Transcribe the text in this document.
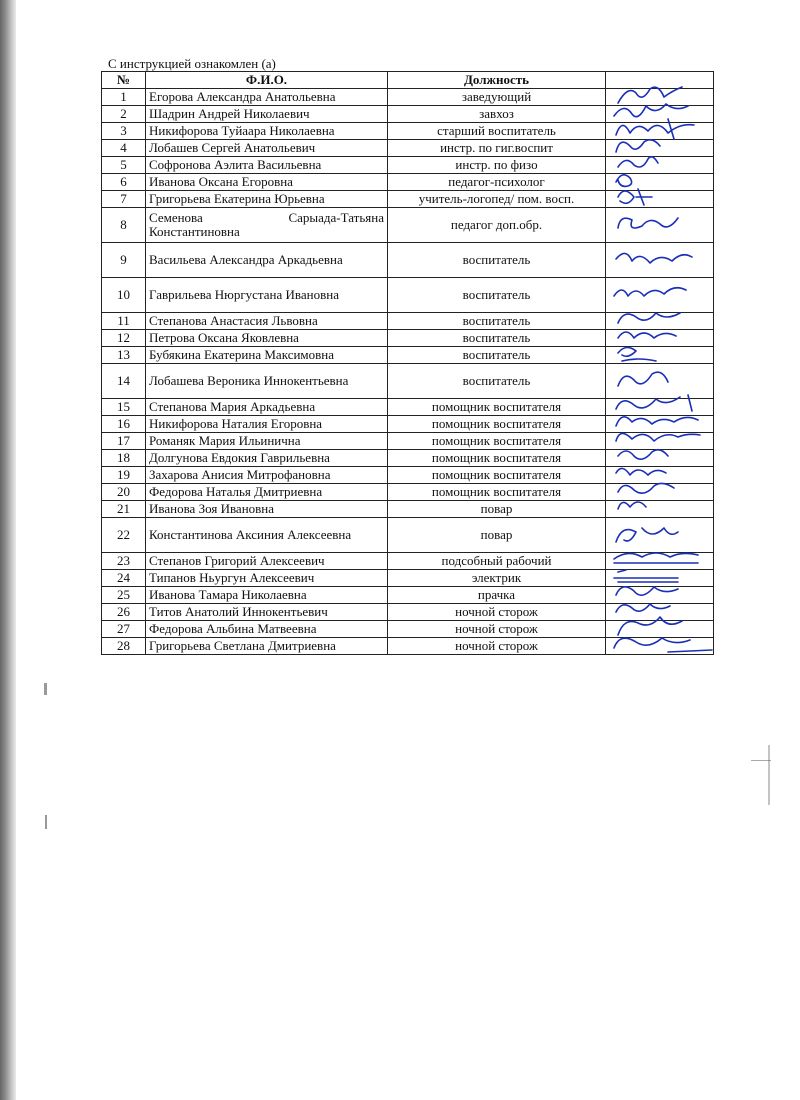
С инструкцией ознакомлен (а)
№	Ф.И.О.	Должность	
1	Егорова Александра Анатольевна	заведующий	

2	Шадрин Андрей Николаевич	завхоз	

3	Никифорова Туйаара Николаевна	старший воспитатель	

4	Лобашев Сергей Анатольевич	инстр. по гиг.воспит	

5	Софронова Аэлита Васильевна	инстр. по физо	

6	Иванова Оксана Егоровна	педагог-психолог	

7	Григорьева Екатерина Юрьевна	учитель-логопед/ пом. восп.	

8	Семенова Сарыада-Татьяна Константиновна	педагог доп.обр.	

9	Васильева Александра Аркадьевна	воспитатель	

10	Гаврильева Нюргустана Ивановна	воспитатель	

11	Степанова Анастасия Львовна	воспитатель	

12	Петрова Оксана Яковлевна	воспитатель	

13	Бубякина Екатерина Максимовна	воспитатель	

14	Лобашева Вероника Иннокентьевна	воспитатель	

15	Степанова Мария Аркадьевна	помощник воспитателя	

16	Никифорова Наталия Егоровна	помощник воспитателя	

17	Романяк Мария Ильинична	помощник воспитателя	

18	Долгунова Евдокия Гаврильевна	помощник воспитателя	

19	Захарова Анисия Митрофановна	помощник воспитателя	

20	Федорова Наталья Дмитриевна	помощник воспитателя	

21	Иванова Зоя Ивановна	повар	

22	Константинова Аксиния Алексеевна	повар	

23	Степанов Григорий Алексеевич	подсобный рабочий	

24	Типанов Ньургун Алексеевич	электрик	

25	Иванова Тамара Николаевна	прачка	

26	Титов Анатолий Иннокентьевич	ночной сторож	

27	Федорова Альбина Матвеевна	ночной сторож	

28	Григорьева Светлана Дмитриевна	ночной сторож	
